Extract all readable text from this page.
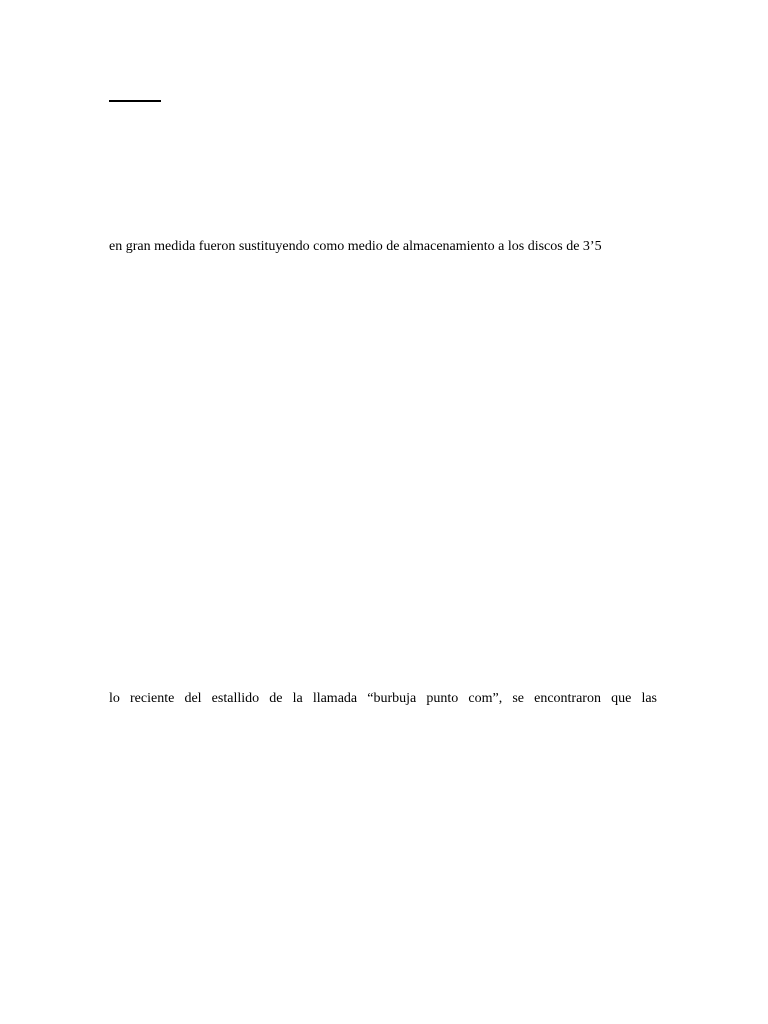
en gran medida fueron sustituyendo como medio de almacenamiento a los discos de 3’5
lo reciente del estallido de la llamada “burbuja punto com”, se encontraron que las
